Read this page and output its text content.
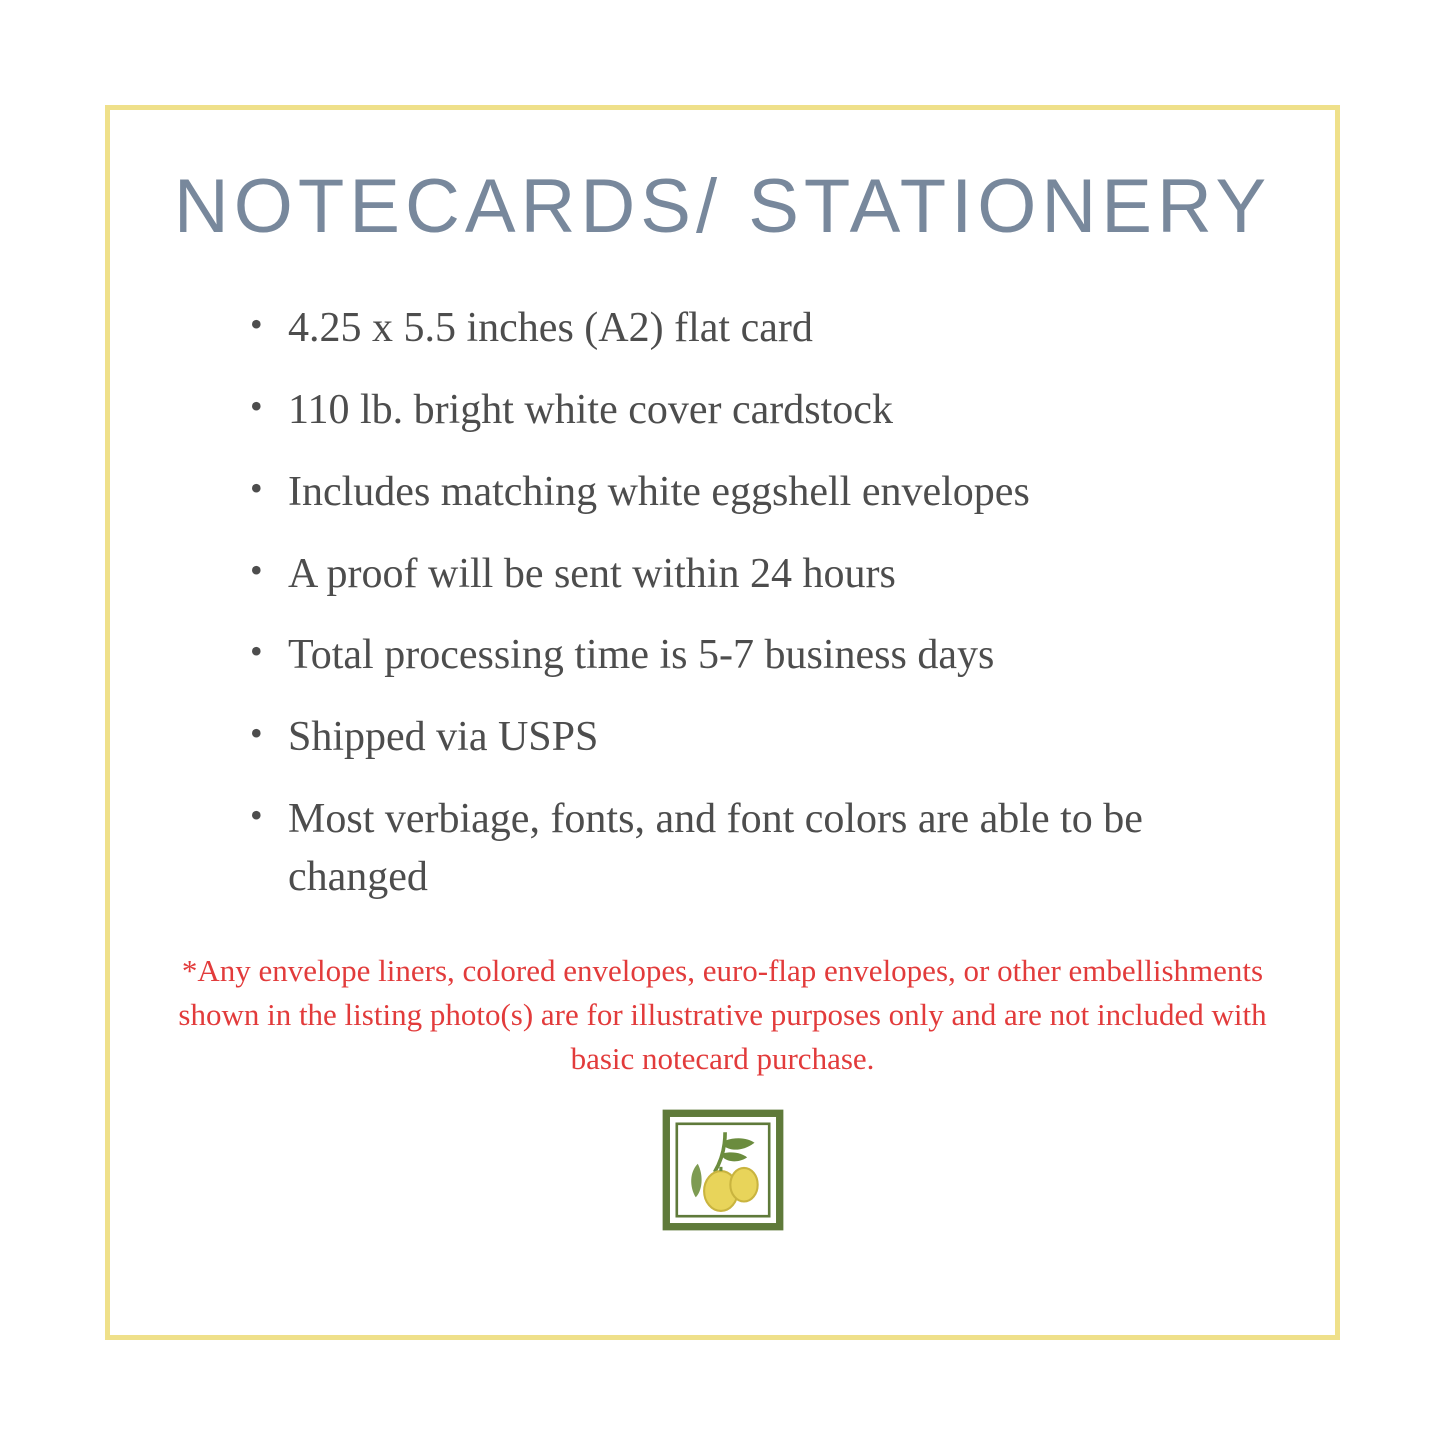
NOTECARDS/ STATIONERY
• 4.25 x 5.5 inches (A2) flat card
• 110 lb. bright white cover cardstock
• Includes matching white eggshell envelopes
• A proof will be sent within 24 hours
• Total processing time is 5-7 business days
• Shipped via USPS
• Most verbiage, fonts, and font colors are able to be changed
*Any envelope liners, colored envelopes, euro-flap envelopes, or other embellishments shown in the listing photo(s) are for illustrative purposes only and are not included with basic notecard purchase.
